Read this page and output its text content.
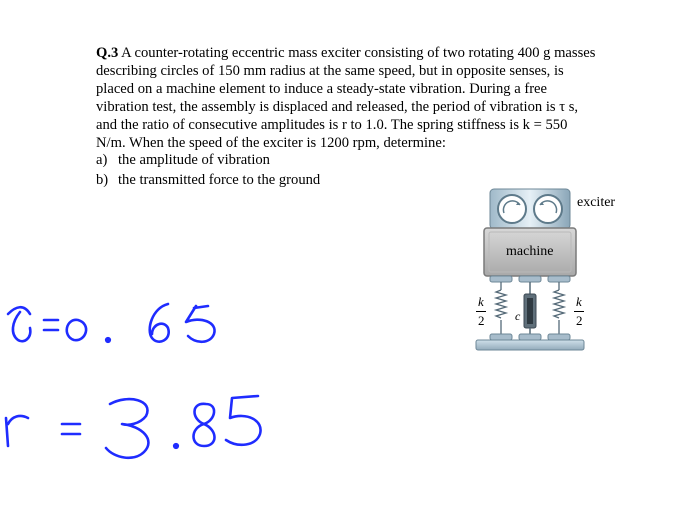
Q.3 A counter-rotating eccentric mass exciter consisting of two rotating 400 g masses
describing circles of 150 mm radius at the same speed, but in opposite senses, is
placed on a machine element to induce a steady-state vibration. During a free
vibration test, the assembly is displaced and released, the period of vibration is τ s,
and the ratio of consecutive amplitudes is r to 1.0. The spring stiffness is k = 550
N/m. When the speed of the exciter is 1200 rpm, determine:
a) the amplitude of vibration
b) the transmitted force to the ground
exciter
machine
k
2	c
k
2
